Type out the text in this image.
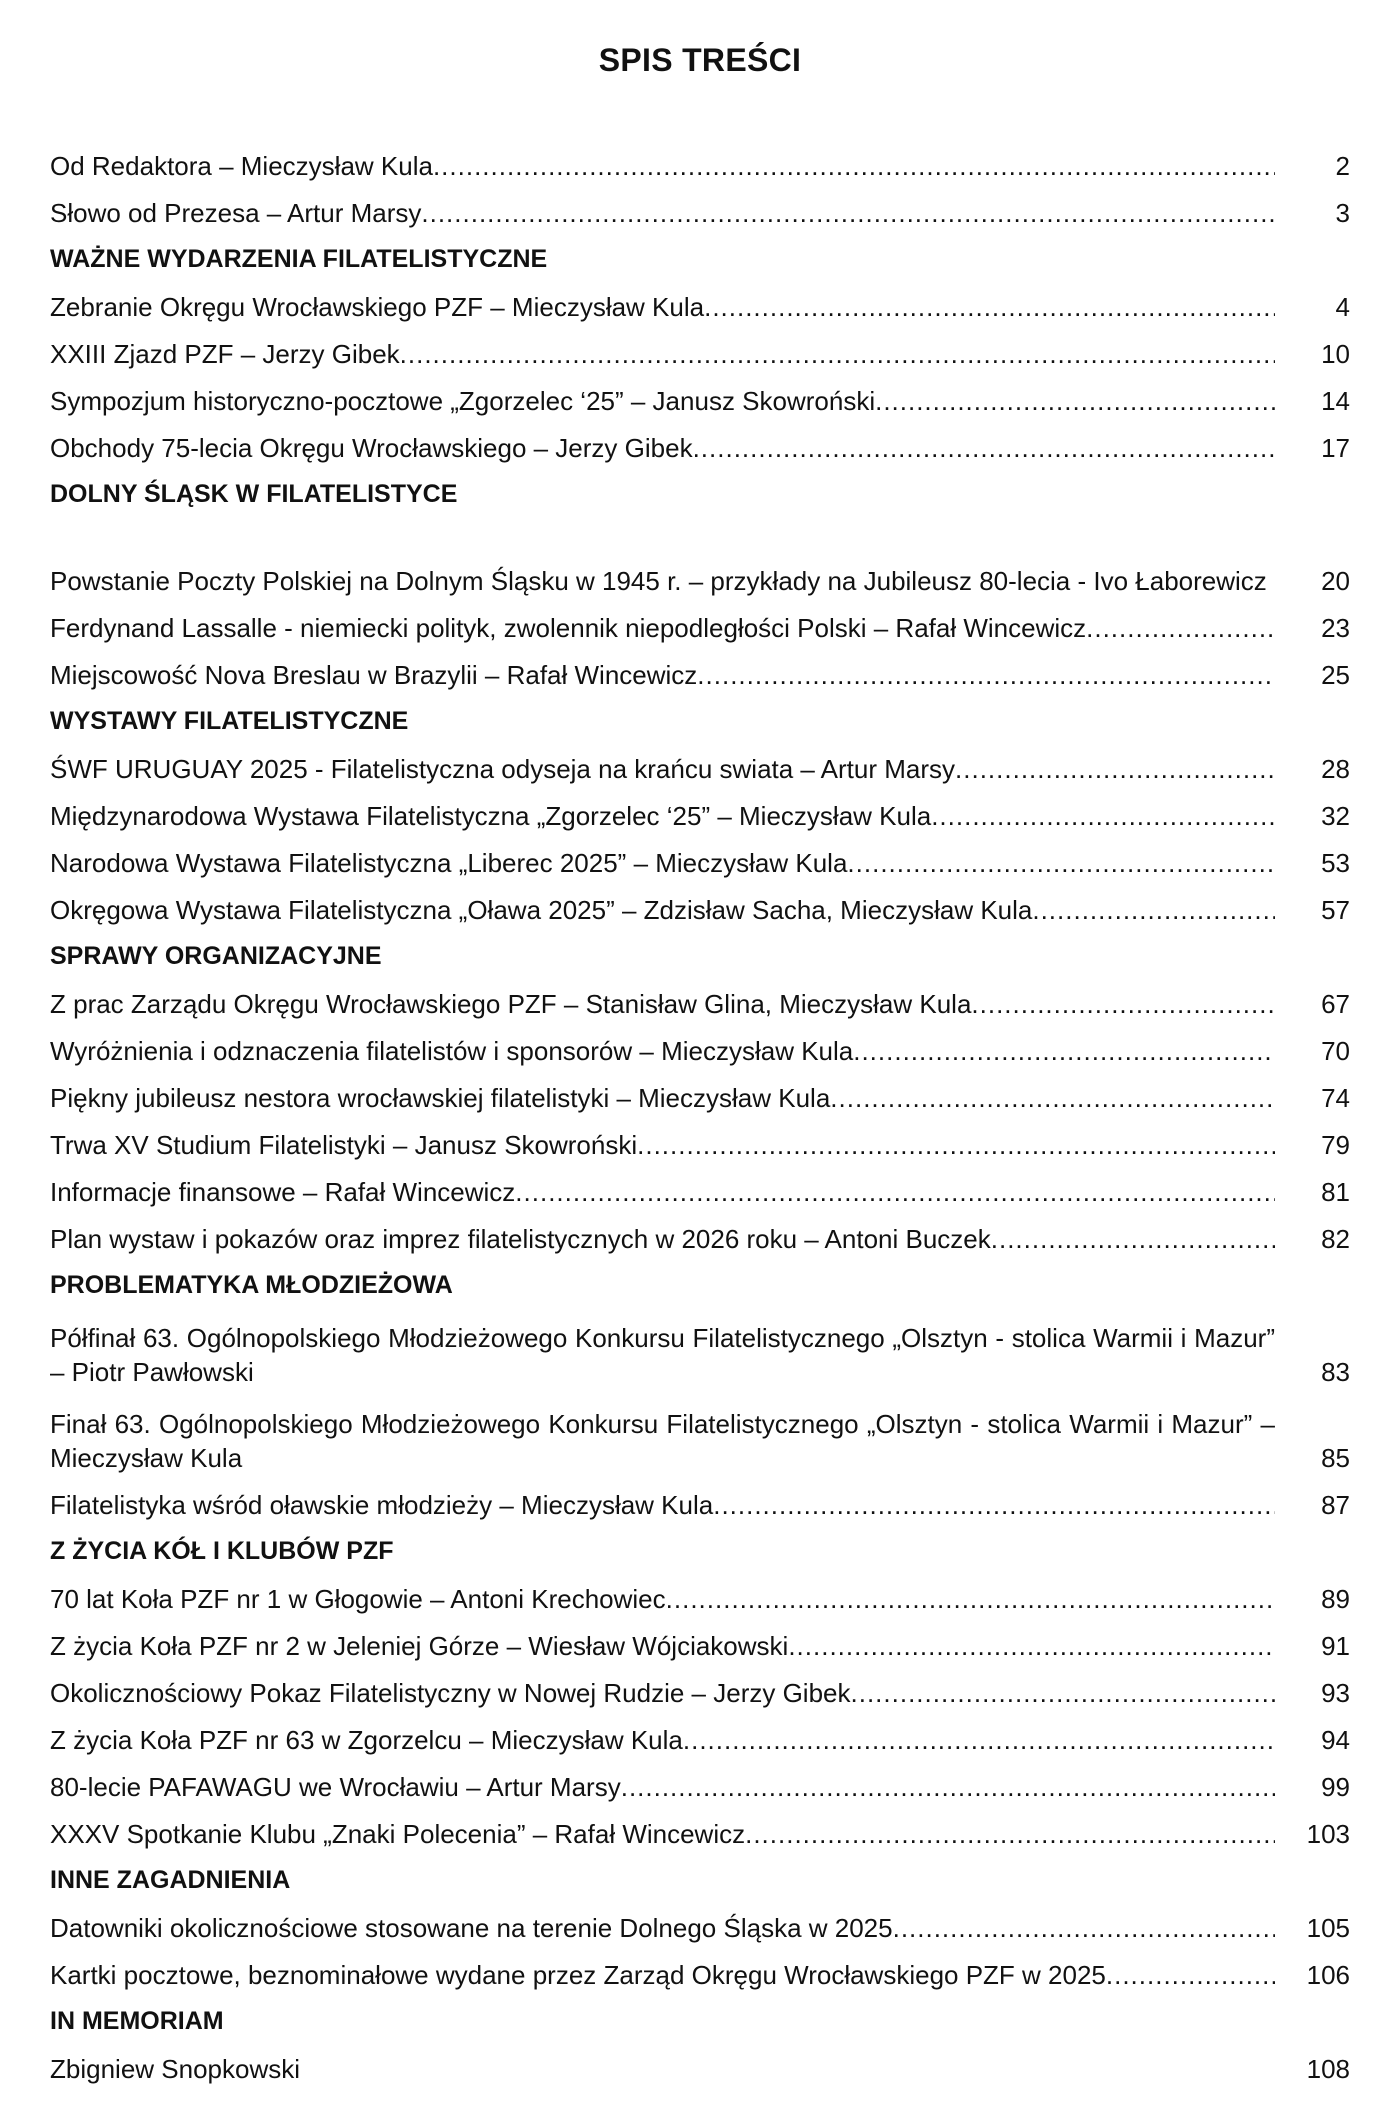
SPIS TREŚCI
Od Redaktora – Mieczysław Kula .....	2
Słowo od Prezesa – Artur Marsy .....	3
WAŻNE WYDARZENIA FILATELISTYCZNE
Zebranie Okręgu Wrocławskiego PZF – Mieczysław Kula .....	4
XXIII Zjazd PZF – Jerzy Gibek .....	10
Sympozjum historyczno-pocztowe „Zgorzelec ‘25” – Janusz Skowroński .....	14
Obchody 75-lecia Okręgu Wrocławskiego – Jerzy Gibek .....	17
DOLNY ŚLĄSK W FILATELISTYCE
Powstanie Poczty Polskiej na Dolnym Śląsku w 1945 r. – przykłady na Jubileusz 80-lecia - Ivo Łaborewicz	20
Ferdynand Lassalle - niemiecki polityk, zwolennik niepodległości Polski – Rafał Wincewicz .....	23
Miejscowość Nova Breslau w Brazylii – Rafał Wincewicz .....	25
WYSTAWY FILATELISTYCZNE
ŚWF URUGUAY 2025 - Filatelistyczna odyseja na krańcu swiata – Artur Marsy .....	28
Międzynarodowa Wystawa Filatelistyczna „Zgorzelec ‘25” – Mieczysław Kula .....	32
Narodowa Wystawa Filatelistyczna „Liberec 2025” – Mieczysław Kula .....	53
Okręgowa Wystawa Filatelistyczna „Oława 2025” – Zdzisław Sacha, Mieczysław Kula .....	57
SPRAWY ORGANIZACYJNE
Z prac Zarządu Okręgu Wrocławskiego PZF – Stanisław Glina, Mieczysław Kula .....	67
Wyróżnienia i odznaczenia filatelistów i sponsorów – Mieczysław Kula .....	70
Piękny jubileusz nestora wrocławskiej filatelistyki – Mieczysław Kula .....	74
Trwa XV Studium Filatelistyki – Janusz Skowroński .....	79
Informacje finansowe – Rafał Wincewicz .....	81
Plan wystaw i pokazów oraz imprez filatelistycznych w 2026 roku – Antoni Buczek .....	82
PROBLEMATYKA MŁODZIEŻOWA
Półfinał 63. Ogólnopolskiego Młodzieżowego Konkursu Filatelistycznego „Olsztyn - stolica Warmii i Mazur” – Piotr Pawłowski	83
Finał 63. Ogólnopolskiego Młodzieżowego Konkursu Filatelistycznego „Olsztyn - stolica Warmii i Mazur” – Mieczysław Kula	85
Filatelistyka wśród oławskie młodzieży – Mieczysław Kula .....	87
Z ŻYCIA KÓŁ I KLUBÓW PZF
70 lat Koła PZF nr 1 w Głogowie – Antoni Krechowiec .....	89
Z życia Koła PZF nr 2 w Jeleniej Górze – Wiesław Wójciakowski .....	91
Okolicznościowy Pokaz Filatelistyczny w Nowej Rudzie – Jerzy Gibek .....	93
Z życia Koła PZF nr 63 w Zgorzelcu – Mieczysław Kula .....	94
80-lecie PAFAWAGU we Wrocławiu – Artur Marsy .....	99
XXXV Spotkanie Klubu „Znaki Polecenia” – Rafał Wincewicz .....	103
INNE ZAGADNIENIA
Datowniki okolicznościowe stosowane na terenie Dolnego Śląska w 2025 .....	105
Kartki pocztowe, beznominałowe wydane przez Zarząd Okręgu Wrocławskiego PZF w 2025 .....	106
IN MEMORIAM
Zbigniew Snopkowski	108
